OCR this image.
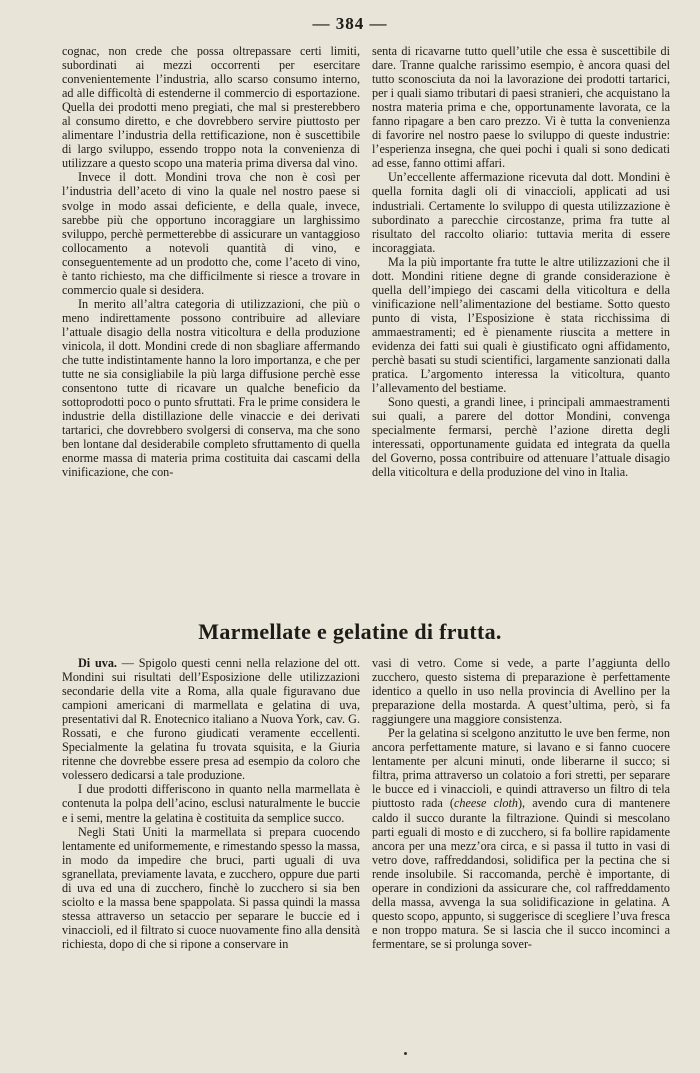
— 384 —

cognac, non crede che possa oltrepassare certi limiti, subordinati ai mezzi occorrenti per esercitare convenientemente l’industria, allo scarso consumo interno, ad alle difficoltà di estenderne il commercio di esportazione. Quella dei prodotti meno pregiati, che mal si presterebbero al consumo diretto, e che dovrebbero servire piuttosto per alimentare l’industria della rettificazione, non è suscettibile di largo sviluppo, essendo troppo nota la convenienza di utilizzare a questo scopo una materia prima diversa dal vino.

Invece il dott. Mondini trova che non è così per l’industria dell’aceto di vino la quale nel nostro paese si svolge in modo assai deficiente, e della quale, invece, sarebbe più che opportuno incoraggiare un larghissimo sviluppo, perchè permetterebbe di assicurare un vantaggioso collocamento a notevoli quantità di vino, e conseguentemente ad un prodotto che, come l’aceto di vino, è tanto richiesto, ma che difficilmente si riesce a trovare in commercio quale si desidera.

In merito all’altra categoria di utilizzazioni, che più o meno indirettamente possono contribuire ad alleviare l’attuale disagio della nostra viticoltura e della produzione vinicola, il dott. Mondini crede di non sbagliare affermando che tutte indistintamente hanno la loro importanza, e che per tutte ne sia consigliabile la più larga diffusione perchè esse consentono tutte di ricavare un qualche beneficio da sottoprodotti poco o punto sfruttati. Fra le prime considera le industrie della distillazione delle vinaccie e dei derivati tartarici, che dovrebbero svolgersi di conserva, ma che sono ben lontane dal desiderabile completo sfruttamento di quella enorme massa di materia prima costituita dai cascami della vinificazione, che con-

senta di ricavarne tutto quell’utile che essa è suscettibile di dare. Tranne qualche rarissimo esempio, è ancora quasi del tutto sconosciuta da noi la lavorazione dei prodotti tartarici, per i quali siamo tributari di paesi stranieri, che acquistano la nostra materia prima e che, opportunamente lavorata, ce la fanno ripagare a ben caro prezzo. Vi è tutta la convenienza di favorire nel nostro paese lo sviluppo di queste industrie: l’esperienza insegna, che quei pochi i quali si sono dedicati ad esse, fanno ottimi affari.

Un’eccellente affermazione ricevuta dal dott. Mondini è quella fornita dagli oli di vinaccioli, applicati ad usi industriali. Certamente lo sviluppo di questa utilizzazione è subordinato a parecchie circostanze, prima fra tutte al risultato del raccolto oliario: tuttavia merita di essere incoraggiata.

Ma la più importante fra tutte le altre utilizzazioni che il dott. Mondini ritiene degne di grande considerazione è quella dell’impiego dei cascami della viticoltura e della vinificazione nell’alimentazione del bestiame. Sotto questo punto di vista, l’Esposizione è stata ricchissima di ammaestramenti; ed è pienamente riuscita a mettere in evidenza dei fatti sui quali è giustificato ogni affidamento, perchè basati su studi scientifici, largamente sanzionati dalla pratica. L’argomento interessa la viticoltura, quanto l’allevamento del bestiame.

Sono questi, a grandi linee, i principali ammaestramenti sui quali, a parere del dottor Mondini, convenga specialmente fermarsi, perchè l’azione diretta degli interessati, opportunamente guidata ed integrata da quella del Governo, possa contribuire od attenuare l’attuale disagio della viticoltura e della produzione del vino in Italia.

Marmellate e gelatine di frutta.

Di uva. — Spigolo questi cenni nella relazione del ott. Mondini sui risultati dell’Esposizione delle utilizzazioni secondarie della vite a Roma, alla quale figuravano due campioni americani di marmellata e gelatina di uva, presentativi dal R. Enotecnico italiano a Nuova York, cav. G. Rossati, e che furono giudicati veramente eccellenti. Specialmente la gelatina fu trovata squisita, e la Giuria ritenne che dovrebbe essere presa ad esempio da coloro che volessero dedicarsi a tale produzione.

I due prodotti differiscono in quanto nella marmellata è contenuta la polpa dell’acino, esclusi naturalmente le buccie e i semi, mentre la gelatina è costituita da semplice succo.

Negli Stati Uniti la marmellata si prepara cuocendo lentamente ed uniformemente, e rimestando spesso la massa, in modo da impedire che bruci, parti uguali di uva sgranellata, previamente lavata, e zucchero, oppure due parti di uva ed una di zucchero, finchè lo zucchero si sia ben sciolto e la massa bene spappolata. Si passa quindi la massa stessa attraverso un setaccio per separare le buccie ed i vinaccioli, ed il filtrato si cuoce nuovamente fino alla densità richiesta, dopo di che si ripone a conservare in

vasi di vetro. Come si vede, a parte l’aggiunta dello zucchero, questo sistema di preparazione è perfettamente identico a quello in uso nella provincia di Avellino per la preparazione della mostarda. A quest’ultima, però, si fa raggiungere una maggiore consistenza.

Per la gelatina si scelgono anzitutto le uve ben ferme, non ancora perfettamente mature, si lavano e si fanno cuocere lentamente per alcuni minuti, onde liberarne il succo; si filtra, prima attraverso un colatoio a fori stretti, per separare le bucce ed i vinaccioli, e quindi attraverso un filtro di tela piuttosto rada (cheese cloth), avendo cura di mantenere caldo il succo durante la filtrazione. Quindi si mescolano parti eguali di mosto e di zucchero, si fa bollire rapidamente ancora per una mezz’ora circa, e si passa il tutto in vasi di vetro dove, raffreddandosi, solidifica per la pectina che si rende insolubile. Si raccomanda, perchè è importante, di operare in condizioni da assicurare che, col raffreddamento della massa, avvenga la sua solidificazione in gelatina. A questo scopo, appunto, si suggerisce di scegliere l’uva fresca e non troppo matura. Se si lascia che il succo incominci a fermentare, se si prolunga sover-
